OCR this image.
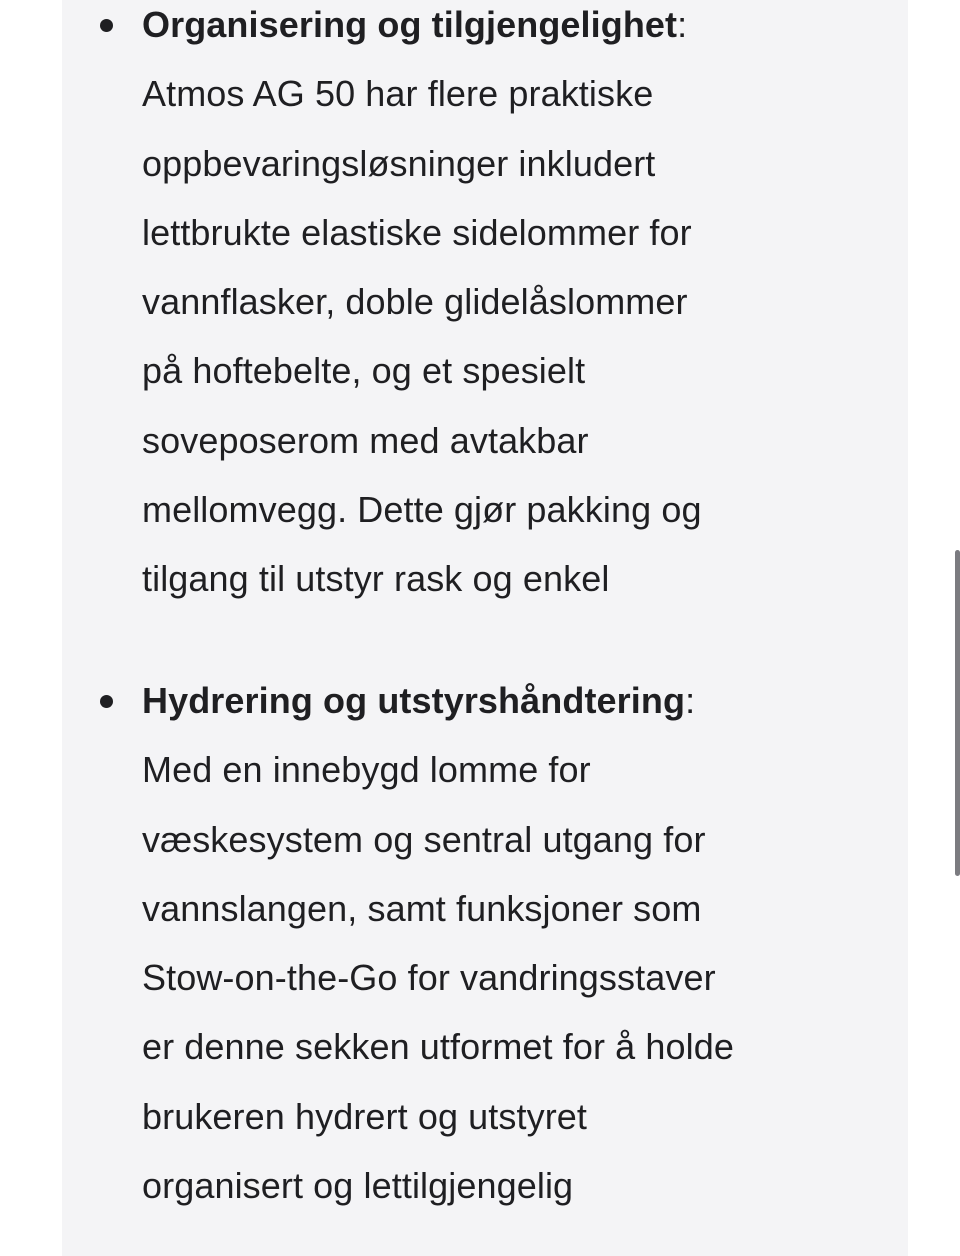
Organisering og tilgjengelighet:
Atmos AG 50 har flere praktiske
oppbevaringsløsninger inkludert
lettbrukte elastiske sidelommer for
vannflasker, doble glidelåslommer
på hoftebelte, og et spesielt
soveposerom med avtakbar
mellomvegg. Dette gjør pakking og
tilgang til utstyr rask og enkel
Hydrering og utstyrshåndtering:
Med en innebygd lomme for
væskesystem og sentral utgang for
vannslangen, samt funksjoner som
Stow-on-the-Go for vandringsstaver
er denne sekken utformet for å holde
brukeren hydrert og utstyret
organisert og lettilgjengelig
